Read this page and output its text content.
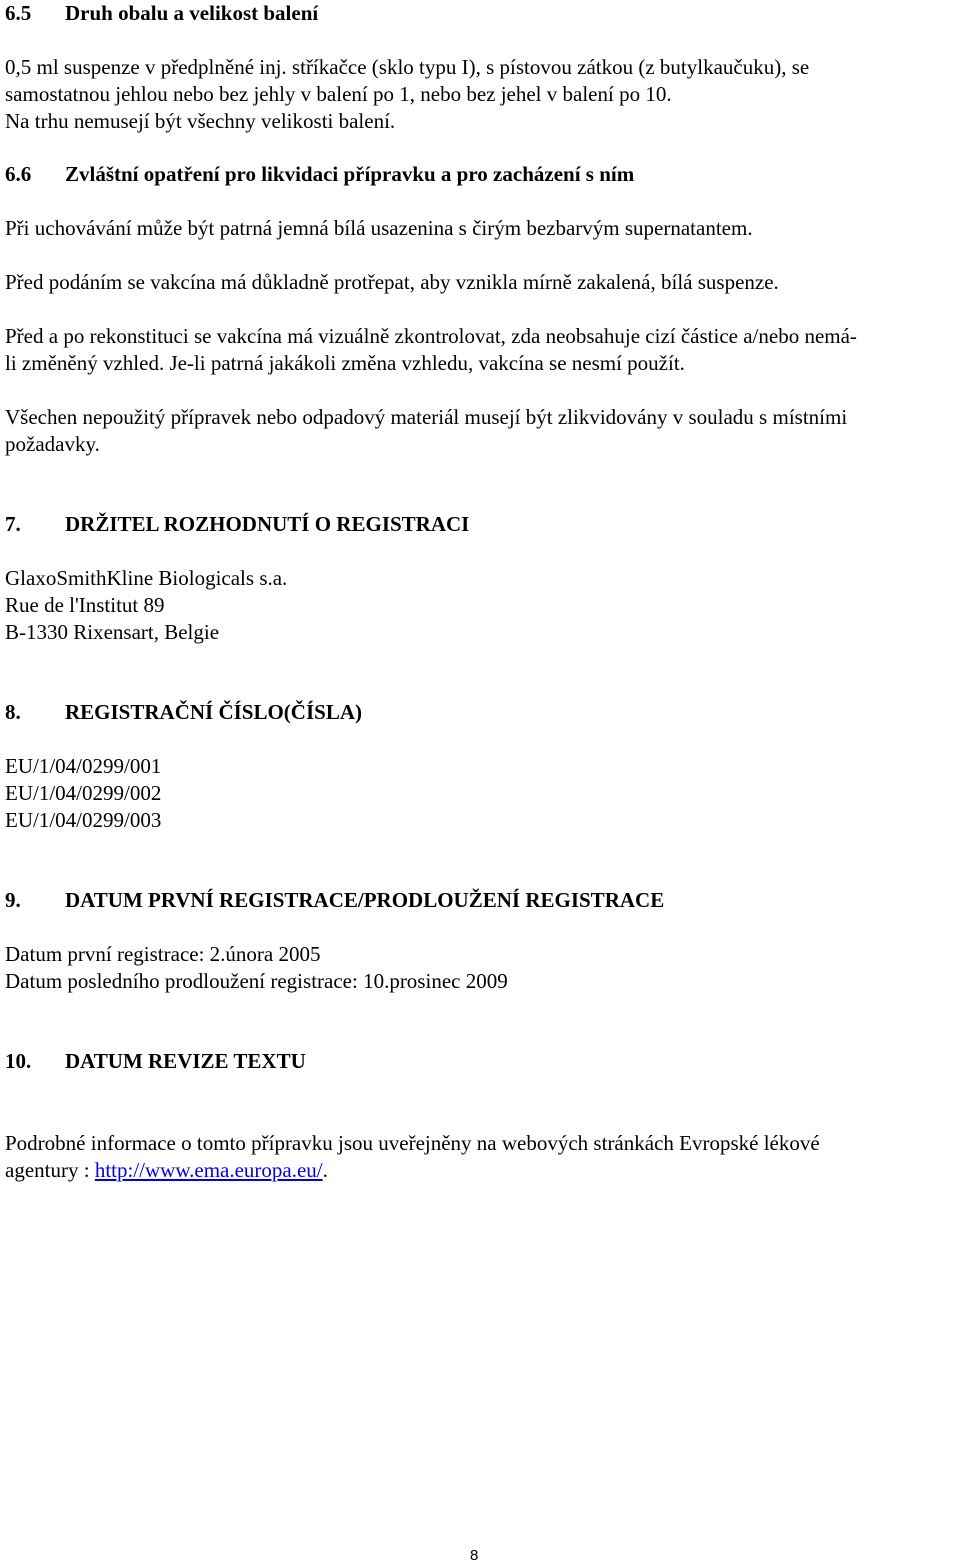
6.5 Druh obalu a velikost balení
0,5 ml suspenze v předplněné inj. stříkačce (sklo typu I), s pístovou zátkou (z butylkaučuku), se
samostatnou jehlou nebo bez jehly v balení po 1, nebo bez jehel v balení po 10.
Na trhu nemusejí být všechny velikosti balení.
6.6 Zvláštní opatření pro likvidaci přípravku a pro zacházení s ním
Při uchovávání může být patrná jemná bílá usazenina s čirým bezbarvým supernatantem.
Před podáním se vakcína má důkladně protřepat, aby vznikla mírně zakalená, bílá suspenze.
Před a po rekonstituci se vakcína má vizuálně zkontrolovat, zda neobsahuje cizí částice a/nebo nemá-
li změněný vzhled. Je-li patrná jakákoli změna vzhledu, vakcína se nesmí použít.
Všechen nepoužitý přípravek nebo odpadový materiál musejí být zlikvidovány v souladu s místními
požadavky.
7. DRŽITEL ROZHODNUTÍ O REGISTRACI
GlaxoSmithKline Biologicals s.a.
Rue de l'Institut 89
B-1330 Rixensart, Belgie
8. REGISTRAČNÍ ČÍSLO(ČÍSLA)
EU/1/04/0299/001
EU/1/04/0299/002
EU/1/04/0299/003
9. DATUM PRVNÍ REGISTRACE/PRODLOUŽENÍ REGISTRACE
Datum první registrace: 2.února 2005
Datum posledního prodloužení registrace: 10.prosinec 2009
10. DATUM REVIZE TEXTU
Podrobné informace o tomto přípravku jsou uveřejněny na webových stránkách Evropské lékové
agentury : http://www.ema.europa.eu/.
8
